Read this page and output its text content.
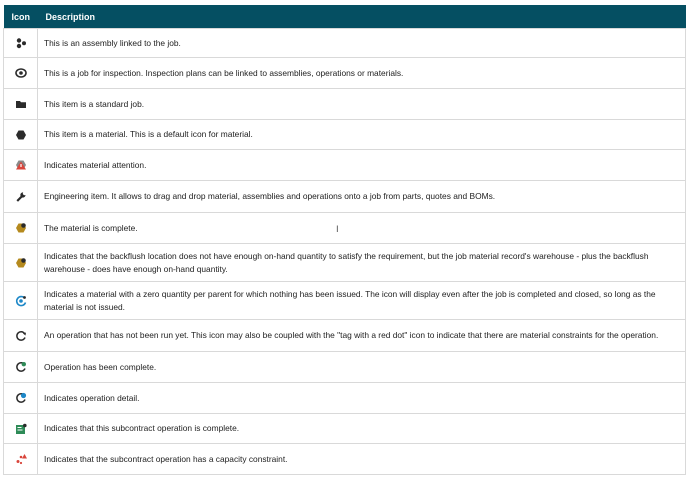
Icon	Description
	This is an assembly linked to the job.
	This is a job for inspection. Inspection plans can be linked to assemblies, operations or materials.
	This item is a standard job.
	This item is a material. This is a default icon for material.
	Indicates material attention.
	Engineering item. It allows to drag and drop material, assemblies and operations onto a job from parts, quotes and BOMs.
	The material is complete.
	Indicates that the backflush location does not have enough on-hand quantity to satisfy the requirement, but the job material record's warehouse - plus the backflush warehouse - does have enough on-hand quantity.
	Indicates a material with a zero quantity per parent for which nothing has been issued. The icon will display even after the job is completed and closed, so long as the material is not issued.
	An operation that has not been run yet. This icon may also be coupled with the "tag with a red dot" icon to indicate that there are material constraints for the operation.
	Operation has been complete.
	Indicates operation detail.
	Indicates that this subcontract operation is complete.
	Indicates that the subcontract operation has a capacity constraint.
I
